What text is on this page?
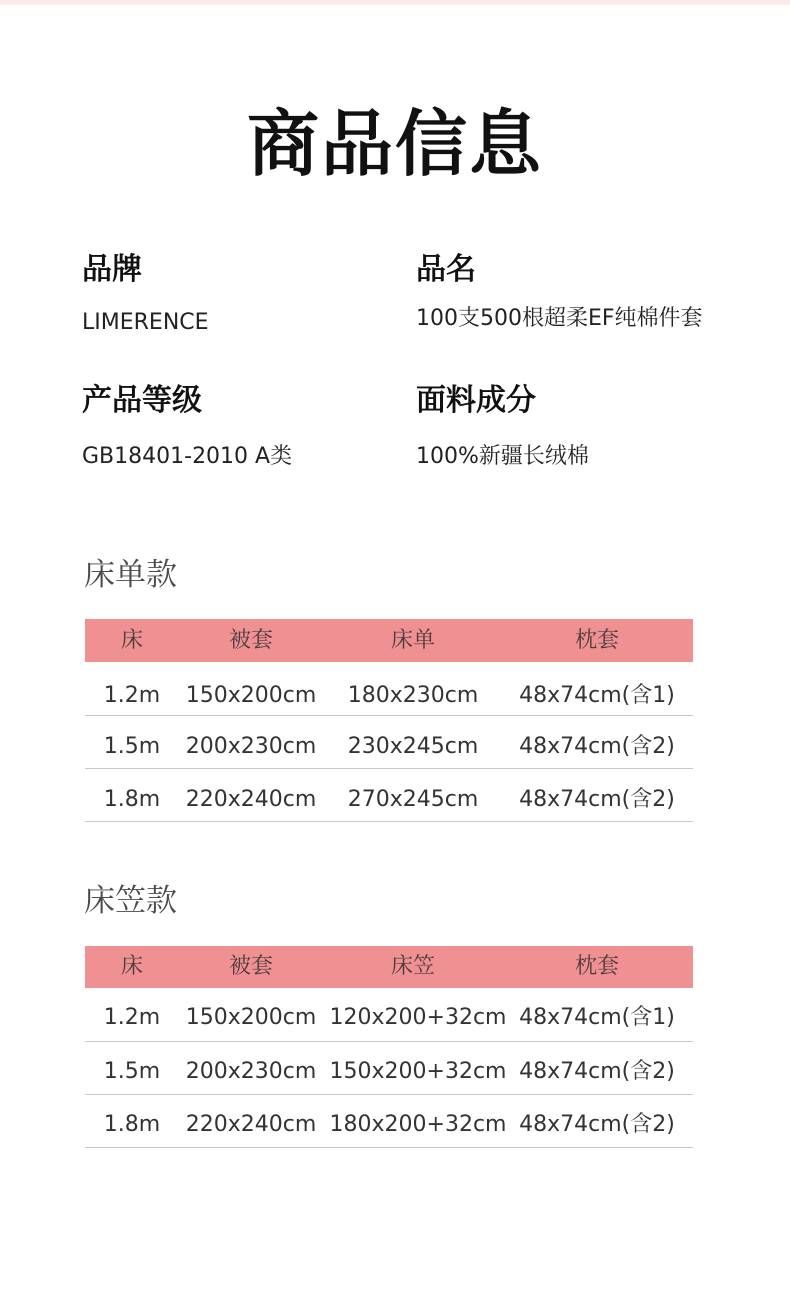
商品信息
品牌
LIMERENCE
品名
100支500根超柔EF纯棉件套
产品等级
GB18401-2010 A类
面料成分
100%新疆长绒棉
床单款
床	被套	床单	枕套
1.2m 150x200cm 180x230cm 48x74cm(含1)
1.5m 200x230cm 230x245cm 48x74cm(含2)
1.8m 220x240cm 270x245cm 48x74cm(含2)
床笠款
床	被套	床笠	枕套
1.2m 150x200cm 120x200+32cm 48x74cm(含1)
1.5m 200x230cm 150x200+32cm 48x74cm(含2)
1.8m 220x240cm 180x200+32cm 48x74cm(含2)
